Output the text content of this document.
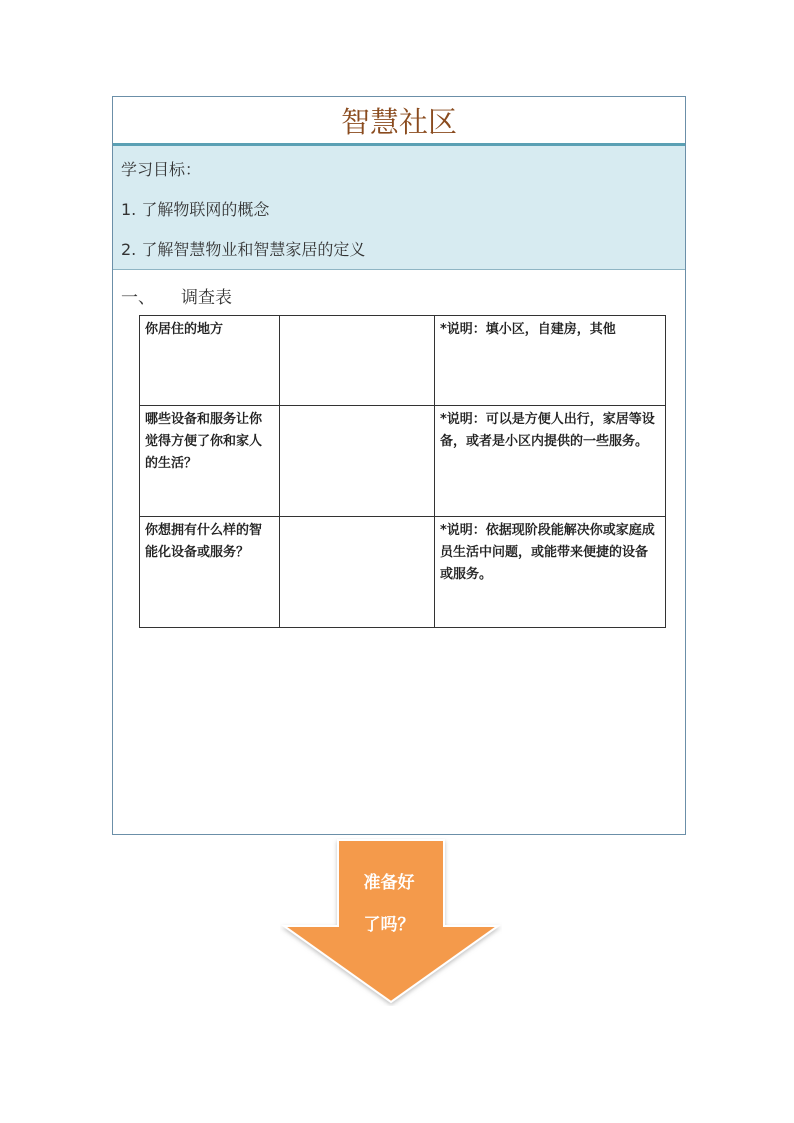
智慧社区
学习目标：
1. 了解物联网的概念
2. 了解智慧物业和智慧家居的定义
一、 调查表
你居住的地方		*说明：填小区，自建房，其他
哪些设备和服务让你觉得方便了你和家人的生活？		*说明：可以是方便人出行，家居等设备，或者是小区内提供的一些服务。
你想拥有什么样的智能化设备或服务？		*说明：依据现阶段能解决你或家庭成员生活中问题，或能带来便捷的设备或服务。
准备好
了吗？
